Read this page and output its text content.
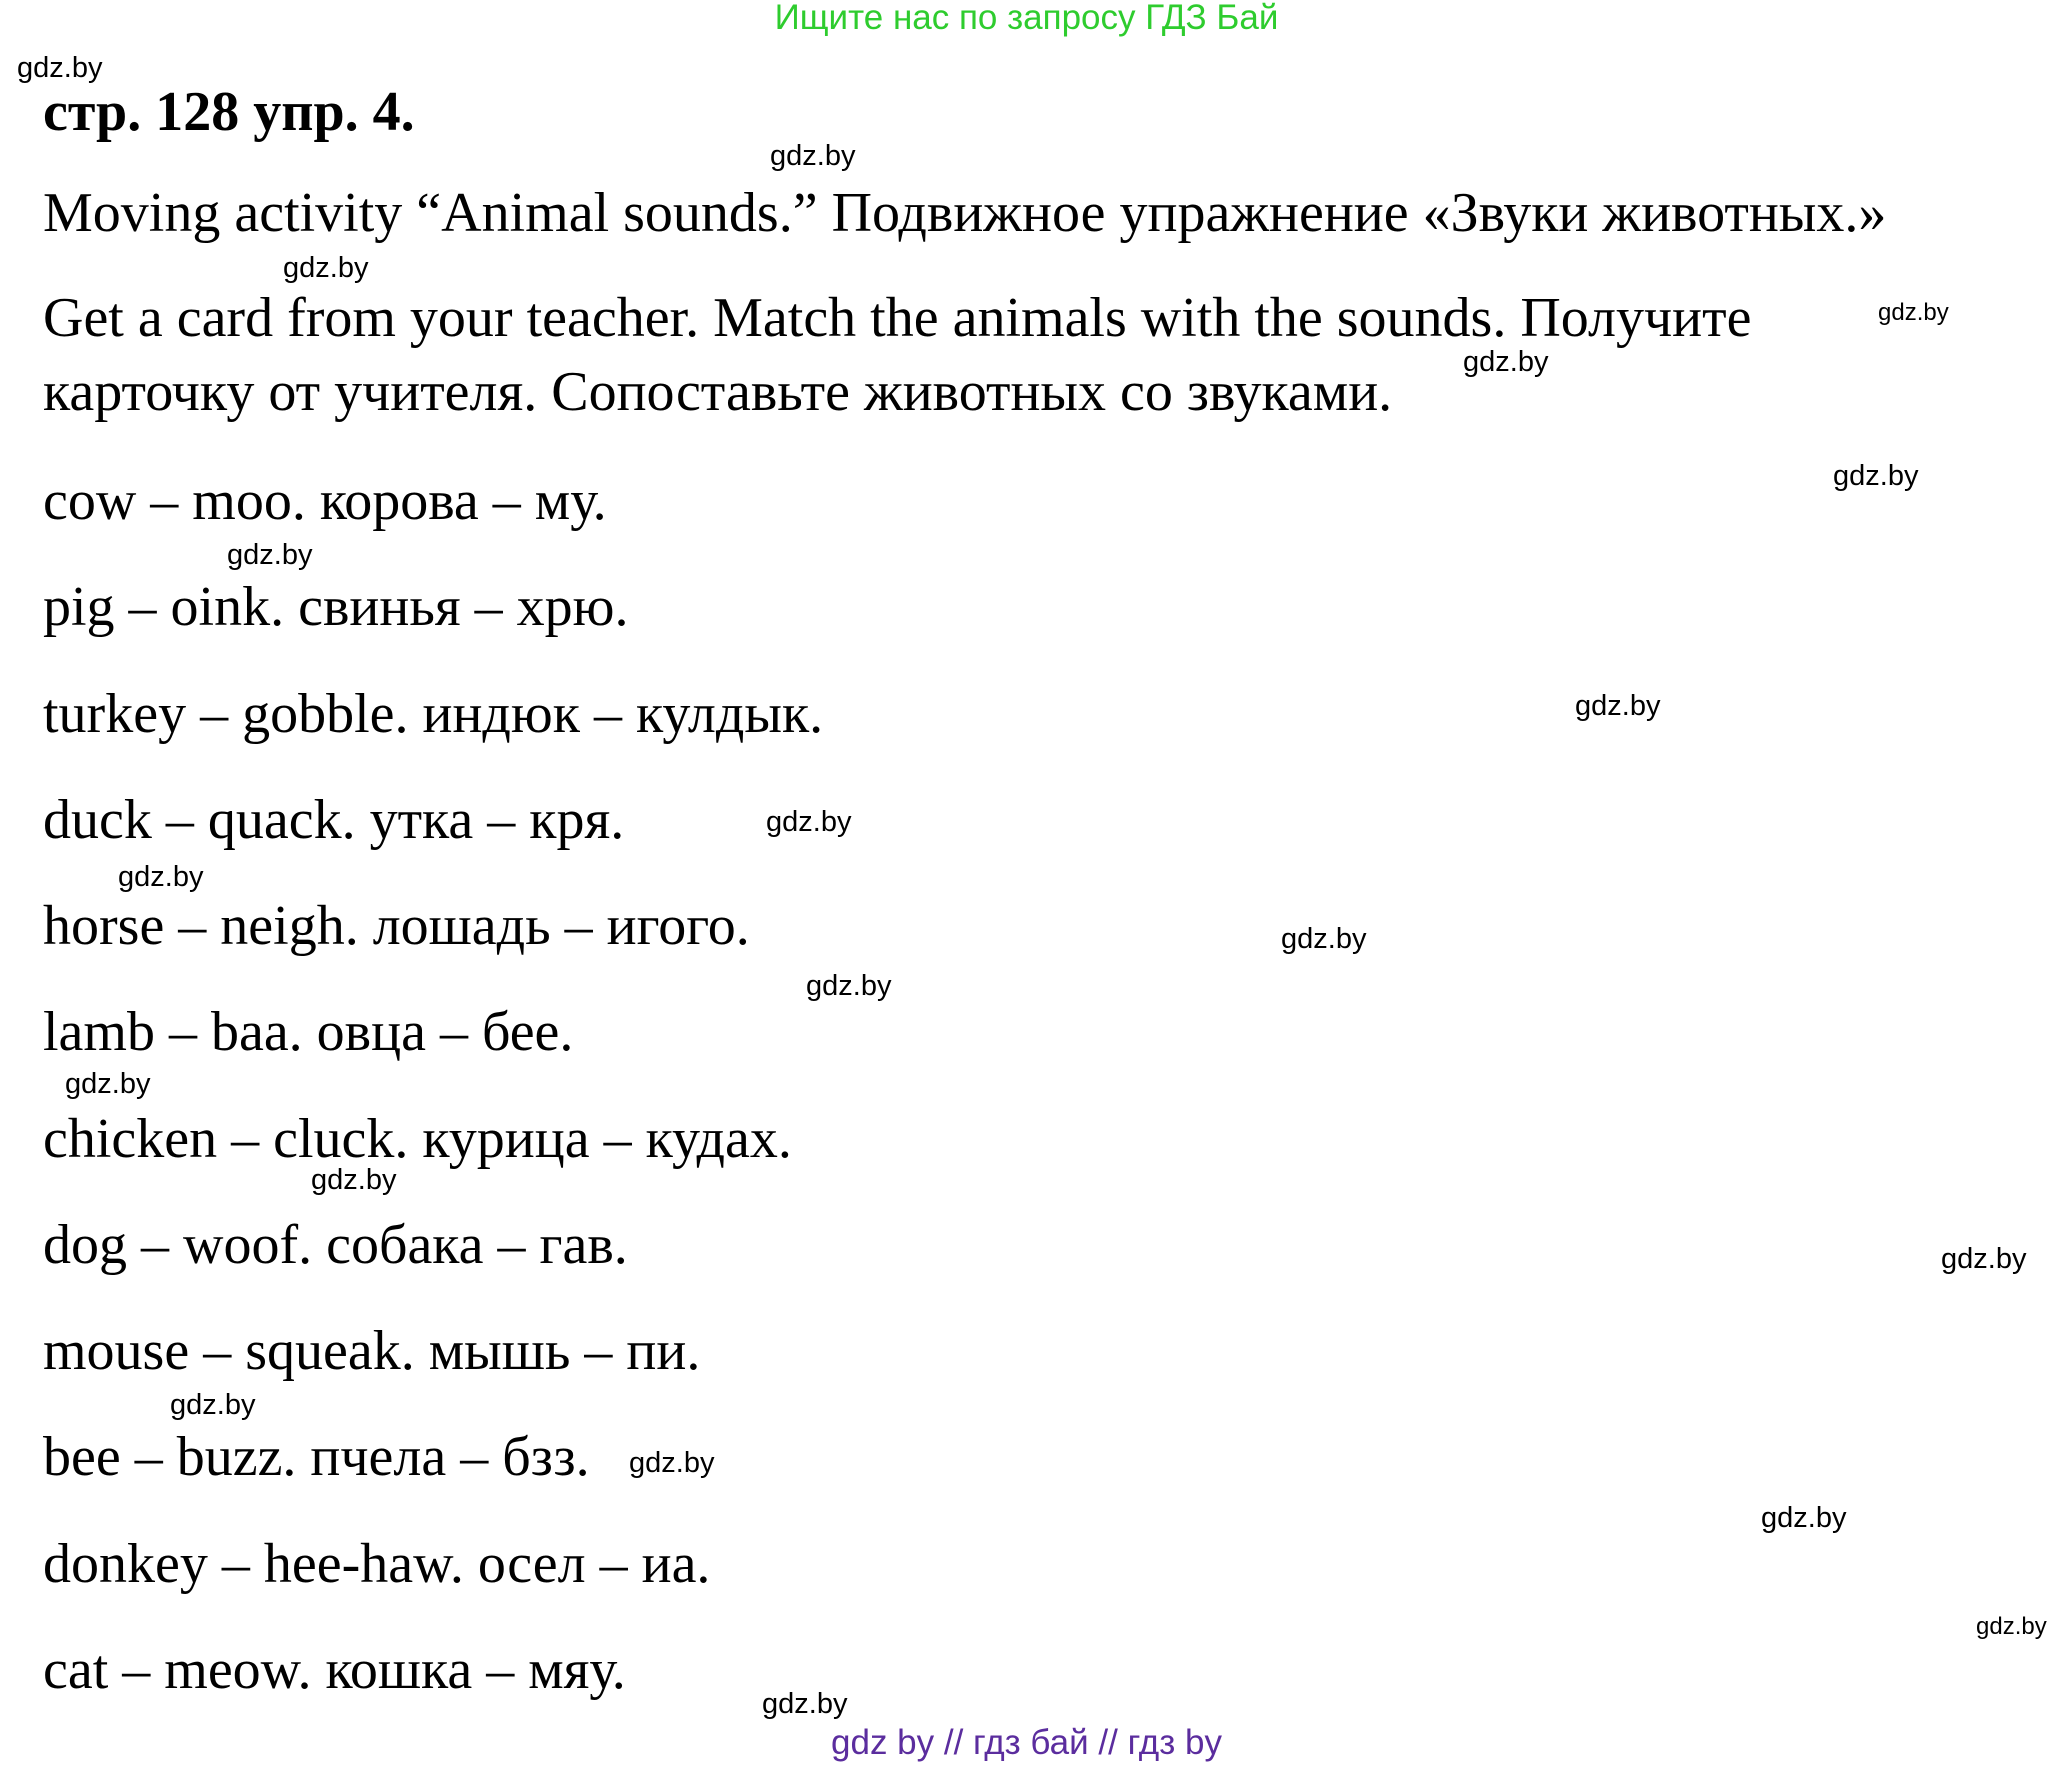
Ищите нас по запросу ГДЗ Бай
стр. 128 упр. 4.
Moving activity “Animal sounds.” Подвижное упражнение «Звуки животных.»
Get a card from your teacher. Match the animals with the sounds. Получите
карточку от учителя. Сопоставьте животных со звуками.
cow – moo. корова – му.
pig – oink. свинья – хрю.
turkey – gobble. индюк – кулдык.
duck – quack. утка – кря.
horse – neigh. лошадь – игого.
lamb – baa. овца – бее.
chicken – cluck. курица – кудах.
dog – woof. собака – гав.
mouse – squeak. мышь – пи.
bee – buzz. пчела – бзз.
donkey – hee-haw. осел – иа.
cat – meow. кошка – мяу.
gdz.by
gdz.by
gdz.by
gdz.by
gdz.by
gdz.by
gdz.by
gdz.by
gdz.by
gdz.by
gdz.by
gdz.by
gdz.by
gdz.by
gdz.by
gdz.by
gdz.by
gdz.by
gdz.by
gdz.by
gdz by // гдз бай // гдз by
